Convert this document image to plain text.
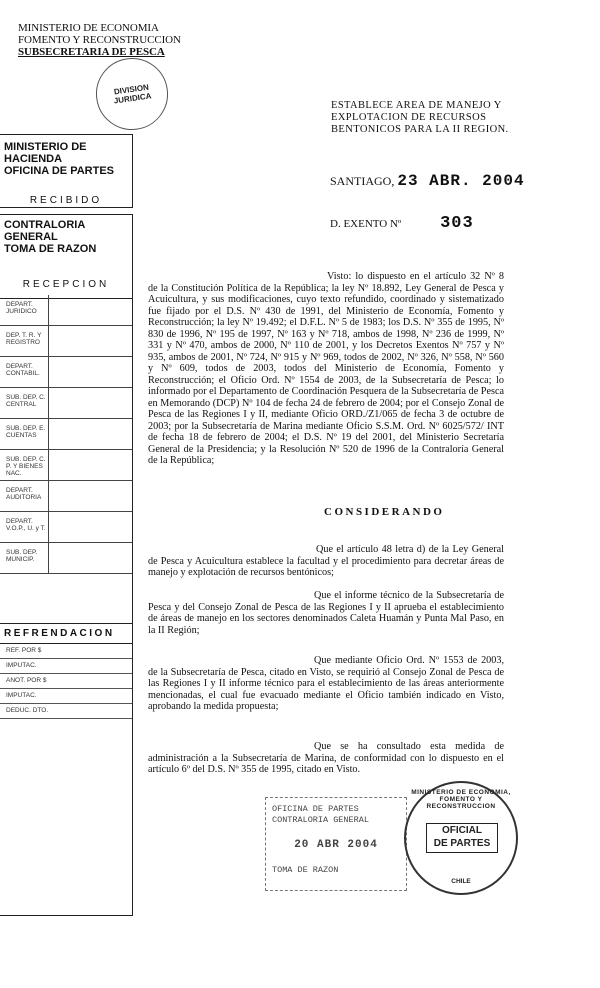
MINISTERIO DE ECONOMIA
FOMENTO Y RECONSTRUCCION
SUBSECRETARIA DE PESCA
DIVISION JURIDICA
MINISTERIO DE HACIENDA
OFICINA DE PARTES
RECIBIDO
CONTRALORIA GENERAL
TOMA DE RAZON
RECEPCION
DEPART. JURIDICO
DEP. T. R. Y REGISTRO
DEPART. CONTABIL.
SUB. DEP. C. CENTRAL
SUB. DEP. E. CUENTAS
SUB. DEP. C. P. Y BIENES NAC.
DEPART. AUDITORIA
DEPART. V.O.P., U. y T.
SUB. DEP. MUNICIP.
REFRENDACION
REF. POR $
IMPUTAC.
ANOT. POR $
IMPUTAC.
DEDUC. DTO.
ESTABLECE AREA DE MANEJO Y EXPLOTACION DE RECURSOS BENTONICOS PARA LA II REGION.
SANTIAGO, 23 ABR. 2004
D. EXENTO Nº 303
Visto: lo dispuesto en el artículo 32 Nº 8 de la Constitución Política de la República; la ley Nº 18.892, Ley General de Pesca y Acuicultura, y sus modificaciones, cuyo texto refundido, coordinado y sistematizado fue fijado por el D.S. Nº 430 de 1991, del Ministerio de Economía, Fomento y Reconstrucción; la ley Nº 19.492; el D.F.L. Nº 5 de 1983; los D.S. Nº 355 de 1995, Nº 830 de 1996, Nº 195 de 1997, Nº 163 y Nº 718, ambos de 1998, Nº 236 de 1999, Nº 331 y Nº 470, ambos de 2000, Nº 110 de 2001, y los Decretos Exentos Nº 757 y Nº 935, ambos de 2001, Nº 724, Nº 915 y Nº 969, todos de 2002, Nº 326, Nº 558, Nº 560 y Nº 609, todos de 2003, todos del Ministerio de Economía, Fomento y Reconstrucción; el Oficio Ord. Nº 1554 de 2003, de la Subsecretaría de Pesca; lo informado por el Departamento de Coordinación Pesquera de la Subsecretaría de Pesca en Memorando (DCP) Nº 104 de fecha 24 de febrero de 2004; por el Consejo Zonal de Pesca de las Regiones I y II, mediante Oficio ORD./Z1/065 de fecha 3 de octubre de 2003; por la Subsecretaría de Marina mediante Oficio S.S.M. Ord. Nº 6025/572/ INT de fecha 18 de febrero de 2004; el D.S. Nº 19 del 2001, del Ministerio Secretaría General de la Presidencia; y la Resolución Nº 520 de 1996 de la Contraloría General de la República;
CONSIDERANDO
Que el artículo 48 letra d) de la Ley General de Pesca y Acuicultura establece la facultad y el procedimiento para decretar áreas de manejo y explotación de recursos bentónicos;
Que el informe técnico de la Subsecretaría de Pesca y del Consejo Zonal de Pesca de las Regiones I y II aprueba el establecimiento de áreas de manejo en los sectores denominados Caleta Huamán y Punta Mal Paso, en la II Región;
Que mediante Oficio Ord. Nº 1553 de 2003, de la Subsecretaría de Pesca, citado en Visto, se requirió al Consejo Zonal de Pesca de las Regiones I y II informe técnico para el establecimiento de las áreas anteriormente mencionadas, el cual fue evacuado mediante el Oficio también indicado en Visto, aprobando la medida propuesta;
Que se ha consultado esta medida de administración a la Subsecretaría de Marina, de conformidad con lo dispuesto en el artículo 6º del D.S. Nº 355 de 1995, citado en Visto.
OFICINA DE PARTES
CONTRALORIA GENERAL
20 ABR 2004
TOMA DE RAZON
MINISTERIO DE ECONOMIA, FOMENTO Y RECONSTRUCCION
OFICIAL
DE PARTES
CHILE
